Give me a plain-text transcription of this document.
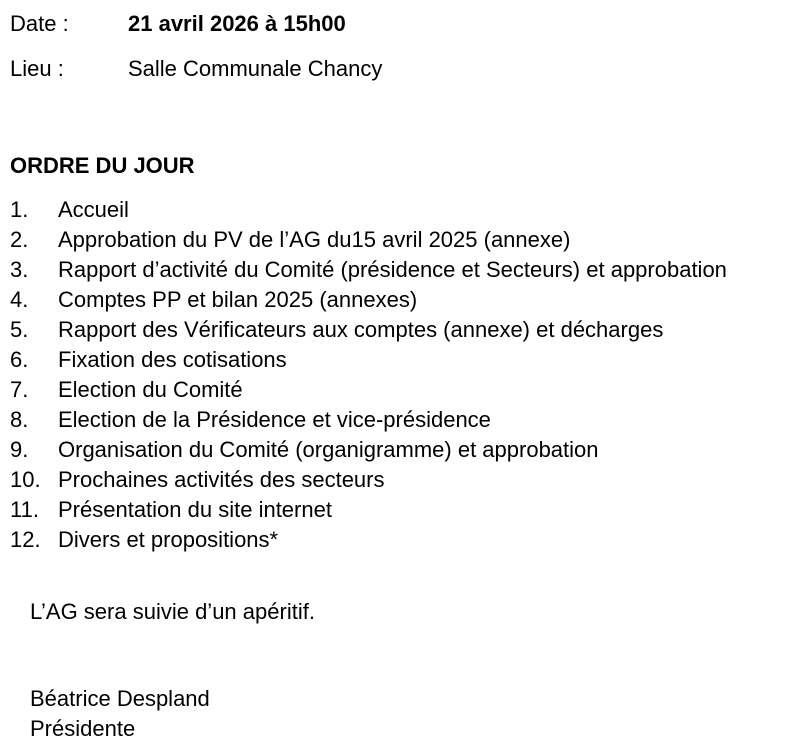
Date :	21 avril 2026 à 15h00
Lieu :	Salle Communale Chancy
ORDRE DU JOUR
1. Accueil
2. Approbation du PV de l’AG du15 avril 2025 (annexe)
3. Rapport d’activité du Comité (présidence et Secteurs) et approbation
4. Comptes PP et bilan 2025 (annexes)
5. Rapport des Vérificateurs aux comptes (annexe) et décharges
6. Fixation des cotisations
7. Election du Comité
8. Election de la Présidence et vice-présidence
9. Organisation du Comité (organigramme) et approbation
10. Prochaines activités des secteurs
11. Présentation du site internet
12. Divers et propositions*
L’AG sera suivie d’un apéritif.
Béatrice Despland
Présidente
